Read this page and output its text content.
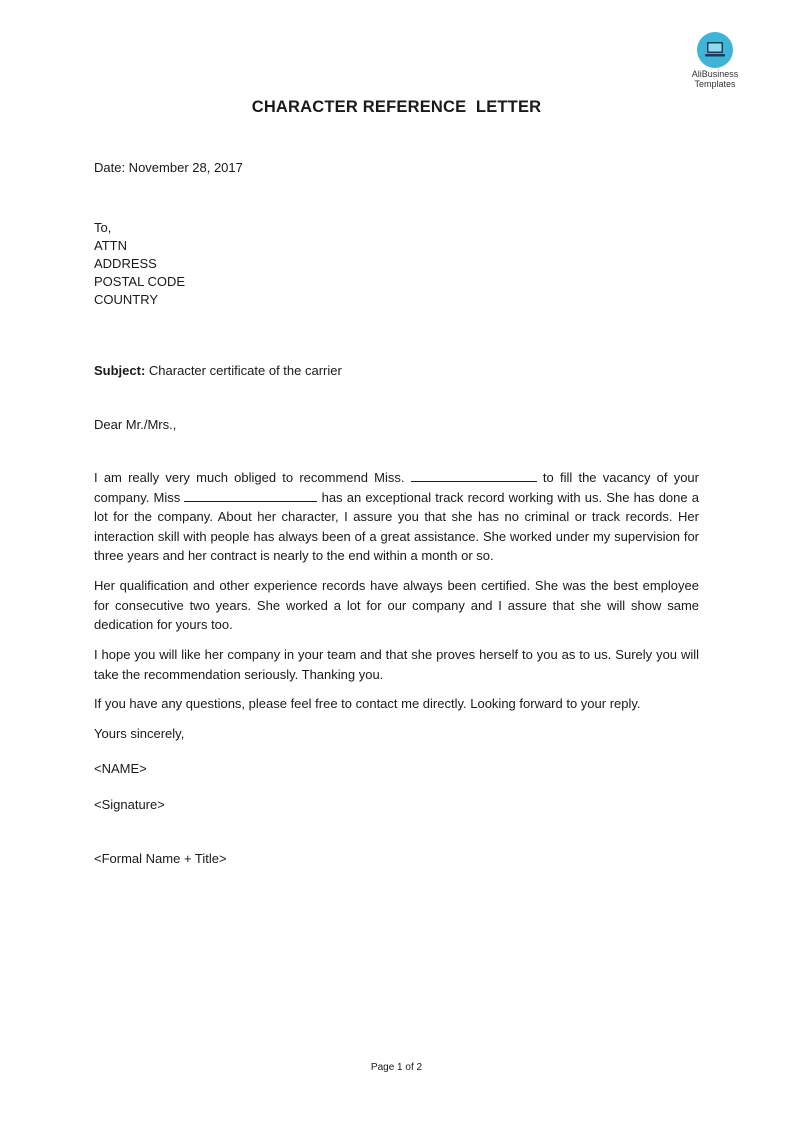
AliBusiness
Templates
CHARACTER REFERENCE  LETTER
Date: November 28, 2017
To,
ATTN
ADDRESS
POSTAL CODE
COUNTRY
Subject: Character certificate of the carrier
Dear Mr./Mrs.,
I am really very much obliged to recommend Miss.	to fill the vacancy of your company. Miss	has an exceptional track record working with us. She has done a lot for the company. About her character, I assure you that she has no criminal or track records. Her interaction skill with people has always been of a great assistance. She worked under my supervision for three years and her contract is nearly to the end within a month or so.
Her qualification and other experience records have always been certified. She was the best employee for consecutive two years. She worked a lot for our company and I assure that she will show same dedication for yours too.
I hope you will like her company in your team and that she proves herself to you as to us. Surely you will take the recommendation seriously. Thanking you.
If you have any questions, please feel free to contact me directly. Looking forward to your reply.
Yours sincerely,
<NAME>
<Signature>
<Formal Name + Title>
Page 1 of 2
